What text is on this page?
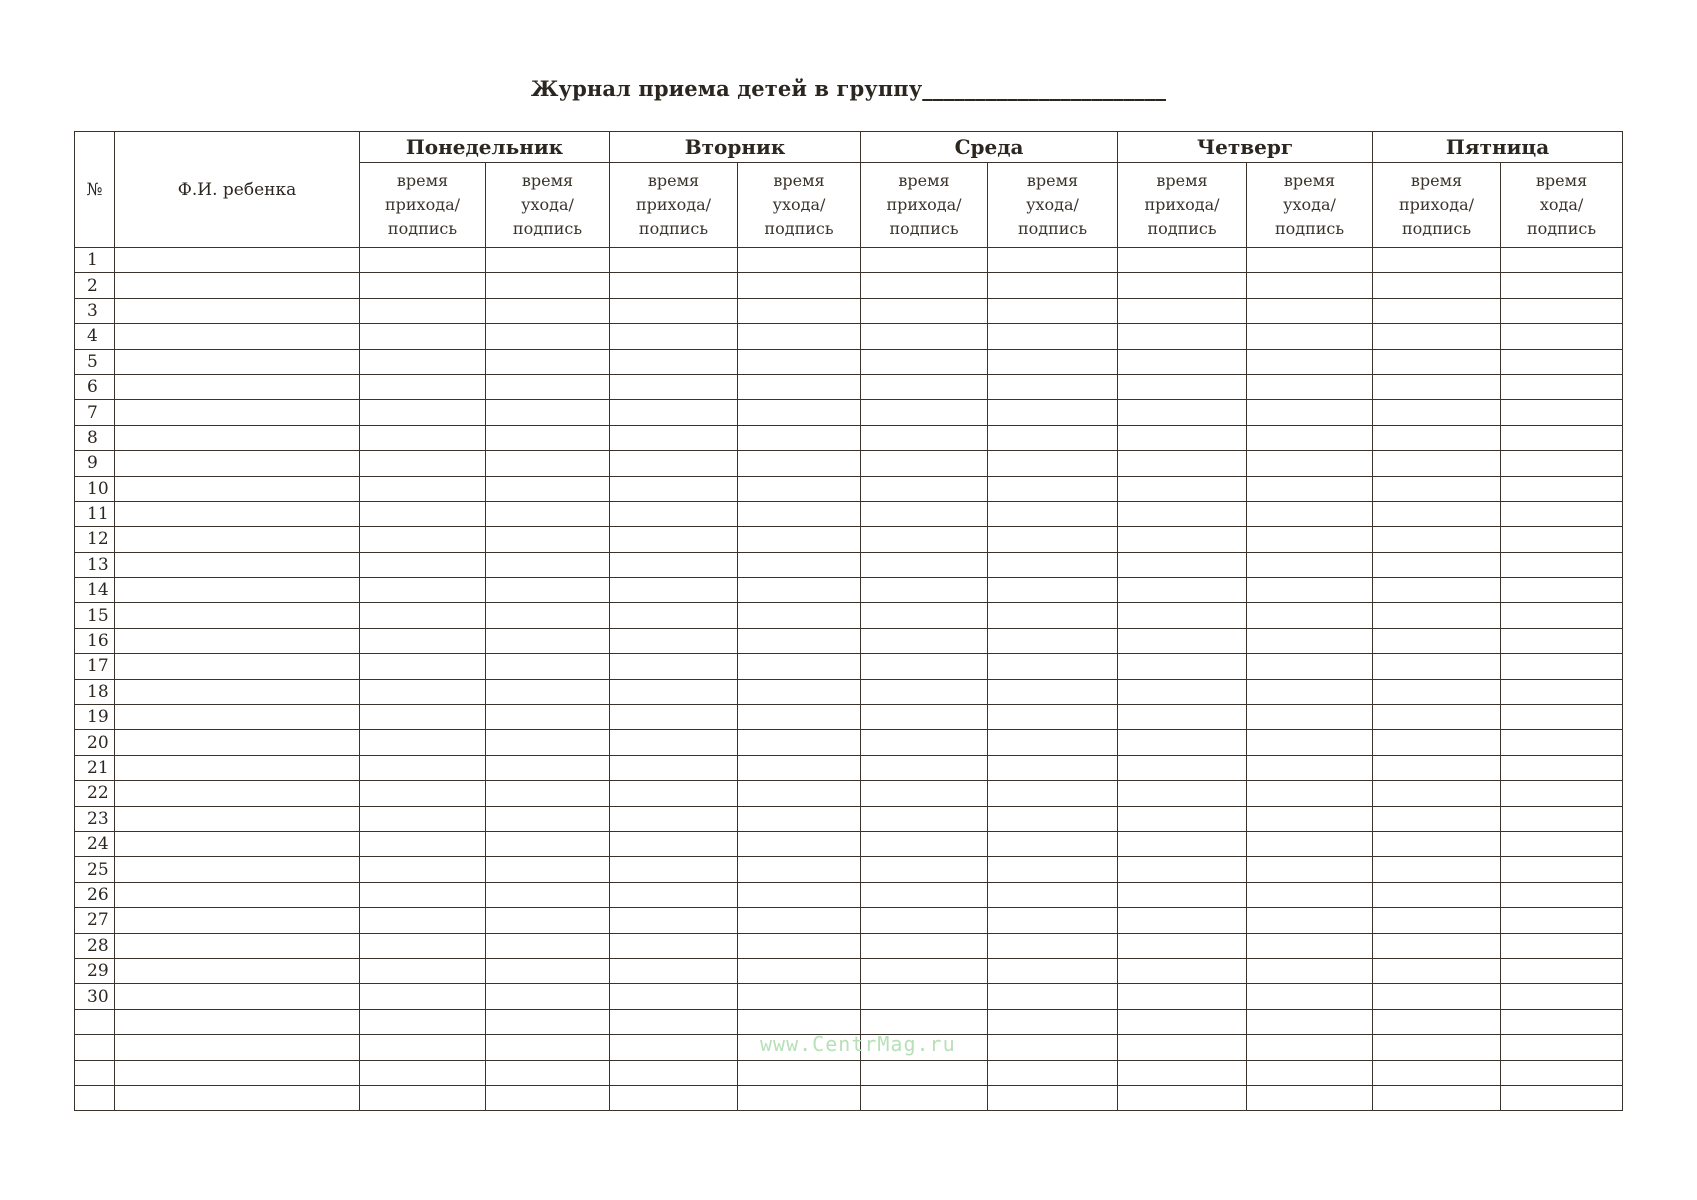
Журнал приема детей в группу_______________________
№	Ф.И. ребенка	Понедельник		Вторник		Среда		Четверг		Пятница	
		время
прихода/
подпись	время
ухода/
подпись	время
прихода/
подпись	время
ухода/
подпись	время
прихода/
подпись	время
ухода/
подпись	время
прихода/
подпись	время
ухода/
подпись	время
прихода/
подпись	время
хода/
подпись
1											
2											
3											
4											
5											
6											
7											
8											
9											
10											
11											
12											
13											
14											
15											
16											
17											
18											
19											
20											
21											
22											
23											
24											
25											
26											
27											
28											
29											
30											

www.CentrMag.ru
